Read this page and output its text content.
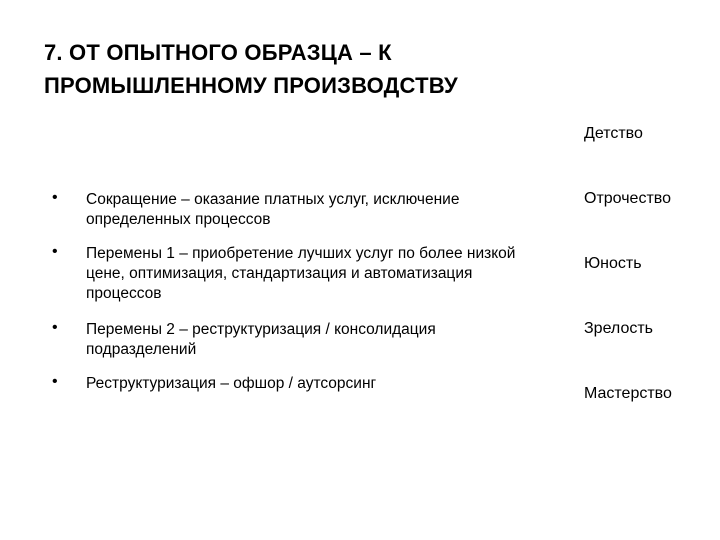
7. ОТ ОПЫТНОГО ОБРАЗЦА – К
ПРОМЫШЛЕННОМУ ПРОИЗВОДСТВУ
• Сокращение – оказание платных услуг, исключение определенных процессов
• Перемены 1 – приобретение лучших услуг по более низкой цене, оптимизация, стандартизация и автоматизация процессов
• Перемены 2 – реструктуризация / консолидация подразделений
• Реструктуризация – офшор / аутсорсинг
Детство
Отрочество
Юность
Зрелость
Мастерство
